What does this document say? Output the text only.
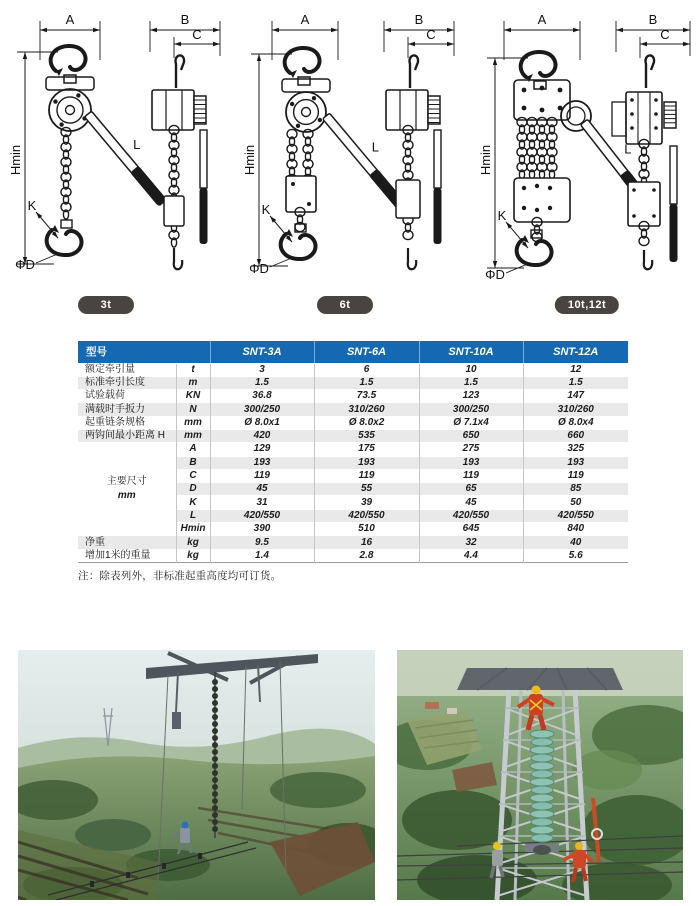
A
Hmin
K
ΦD
L
B
C
A
Hmin
K
ΦD
L
B
C
A
Hmin
K
ΦD
L
B
C
3t	6t	10t,12t
型号		SNT-3A	SNT-6A	SNT-10A	SNT-12A
额定牵引量	t	3	6	10	12
标准牵引长度	m	1.5	1.5	1.5	1.5
试验载荷	KN	36.8	73.5	123	147
满载时手扳力	N	300/250	310/260	300/250	310/260
起重链条规格	mm	Ø 8.0x1	Ø 8.0x2	Ø 7.1x4	Ø 8.0x4
两钩间最小距离 H	mm	420	535	650	660

主要尺寸
mm	A	129	175	275	325
	B	193	193	193	193
	C	119	119	119	119
	D	45	55	65	85
	K	31	39	45	50
	L	420/550	420/550	420/550	420/550
	Hmin	390	510	645	840
净重	kg	9.5	16	32	40
增加1米的重量	kg	1.4	2.8	4.4	5.6
注：除表列外，非标准起重高度均可订货。
